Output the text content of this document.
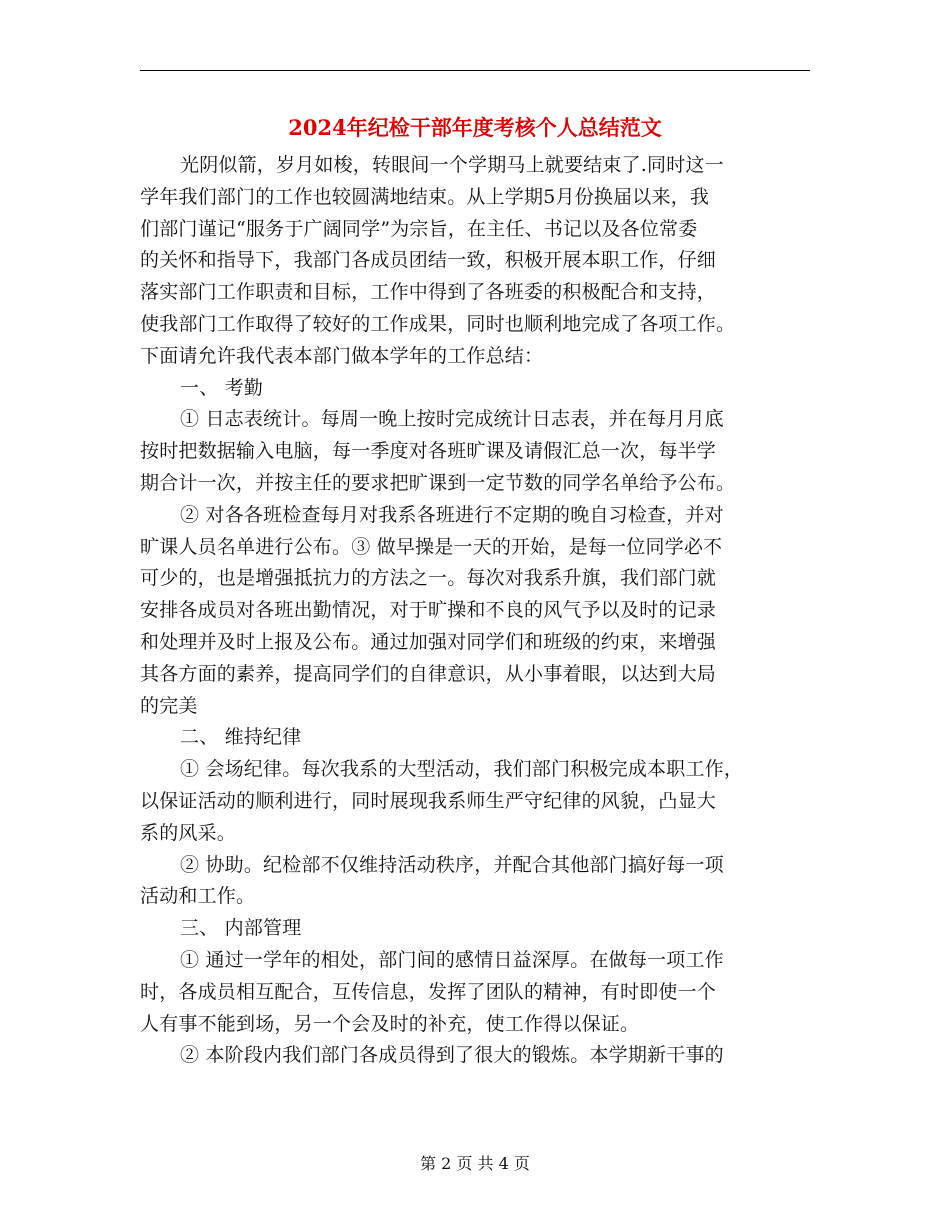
2024年纪检干部年度考核个人总结范文

光阴似箭，岁月如梭，转眼间一个学期马上就要结束了.同时这一
学年我们部门的工作也较圆满地结束。从上学期5月份换届以来，我
们部门谨记“服务于广阔同学”为宗旨，在主任、书记以及各位常委
的关怀和指导下，我部门各成员团结一致，积极开展本职工作，仔细
落实部门工作职责和目标，工作中得到了各班委的积极配合和支持，
使我部门工作取得了较好的工作成果，同时也顺利地完成了各项工作。
下面请允许我代表本部门做本学年的工作总结：

一、 考勤

① 日志表统计。每周一晚上按时完成统计日志表，并在每月月底
按时把数据输入电脑，每一季度对各班旷课及请假汇总一次，每半学
期合计一次，并按主任的要求把旷课到一定节数的同学名单给予公布。

② 对各各班检查每月对我系各班进行不定期的晚自习检查，并对
旷课人员名单进行公布。③ 做早操是一天的开始，是每一位同学必不
可少的，也是增强抵抗力的方法之一。每次对我系升旗，我们部门就
安排各成员对各班出勤情况，对于旷操和不良的风气予以及时的记录
和处理并及时上报及公布。通过加强对同学们和班级的约束，来增强
其各方面的素养，提高同学们的自律意识，从小事着眼，以达到大局
的完美

二、 维持纪律

① 会场纪律。每次我系的大型活动，我们部门积极完成本职工作，
以保证活动的顺利进行，同时展现我系师生严守纪律的风貌，凸显大
系的风采。

② 协助。纪检部不仅维持活动秩序，并配合其他部门搞好每一项
活动和工作。

三、 内部管理

① 通过一学年的相处，部门间的感情日益深厚。在做每一项工作
时，各成员相互配合，互传信息，发挥了团队的精神，有时即使一个
人有事不能到场，另一个会及时的补充，使工作得以保证。

② 本阶段内我们部门各成员得到了很大的锻炼。本学期新干事的

第 2 页 共 4 页
